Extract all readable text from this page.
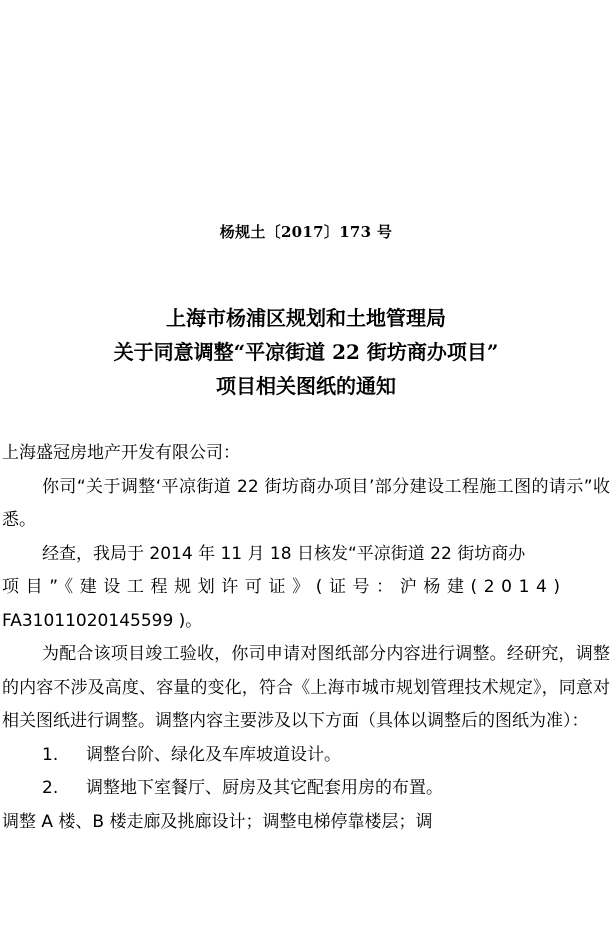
杨规土〔2017〕173 号
上海市杨浦区规划和土地管理局
关于同意调整“平凉街道 22 街坊商办项目”
项目相关图纸的通知
上海盛冠房地产开发有限公司：
你司“关于调整‘平凉街道 22 街坊商办项目’部分建设工程施工图的请示”收悉。
经查，我局于 2014 年 11 月 18 日核发“平凉街道 22 街坊商办
项目”《建设工程规划许可证》(证号：沪杨建(2014)
FA31011020145599 )。
为配合该项目竣工验收，你司申请对图纸部分内容进行调整。经研究，调整的内容不涉及高度、容量的变化，符合《上海市城市规划管理技术规定》，同意对相关图纸进行调整。调整内容主要涉及以下方面（具体以调整后的图纸为准）：
1. 调整台阶、绿化及车库坡道设计。
2. 调整地下室餐厅、厨房及其它配套用房的布置。
调整 A 楼、B 楼走廊及挑廊设计；调整电梯停靠楼层；调
